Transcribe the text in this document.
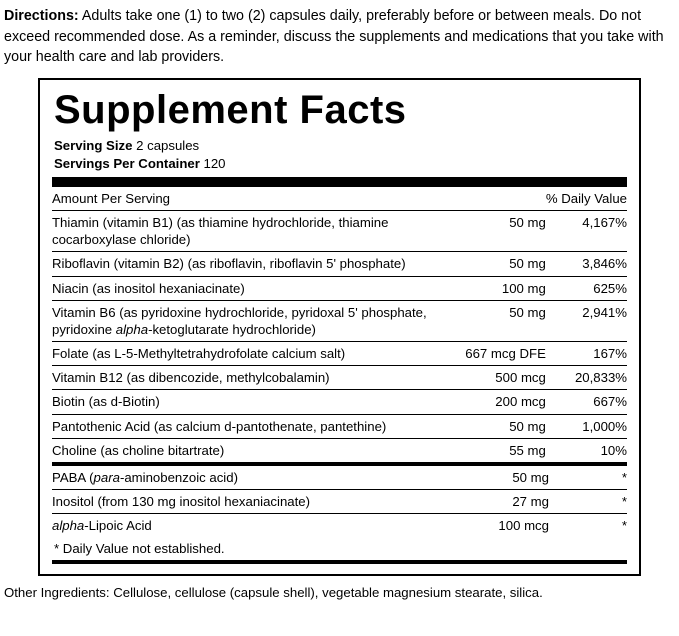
Directions: Adults take one (1) to two (2) capsules daily, preferably before or between meals. Do not exceed recommended dose. As a reminder, discuss the supplements and medications that you take with your health care and lab providers.
Supplement Facts
Serving Size 2 capsules
Servings Per Container 120
Amount Per Serving		% Daily Value
Thiamin (vitamin B1) (as thiamine hydrochloride, thiamine cocarboxylase chloride)	50 mg	4,167%
Riboflavin (vitamin B2) (as riboflavin, riboflavin 5' phosphate)	50 mg	3,846%
Niacin (as inositol hexaniacinate)	100 mg	625%
Vitamin B6 (as pyridoxine hydrochloride, pyridoxal 5' phosphate, pyridoxine alpha-ketoglutarate hydrochloride)	50 mg	2,941%
Folate (as L-5-Methyltetrahydrofolate calcium salt)	667 mcg DFE	167%
Vitamin B12 (as dibencozide, methylcobalamin)	500 mcg	20,833%
Biotin (as d-Biotin)	200 mcg	667%
Pantothenic Acid (as calcium d-pantothenate, pantethine)	50 mg	1,000%
Choline (as choline bitartrate)	55 mg	10%
PABA (para-aminobenzoic acid)	50 mg	*
Inositol (from 130 mg inositol hexaniacinate)	27 mg	*
alpha-Lipoic Acid	100 mcg	*
* Daily Value not established.
Other Ingredients: Cellulose, cellulose (capsule shell), vegetable magnesium stearate, silica.
